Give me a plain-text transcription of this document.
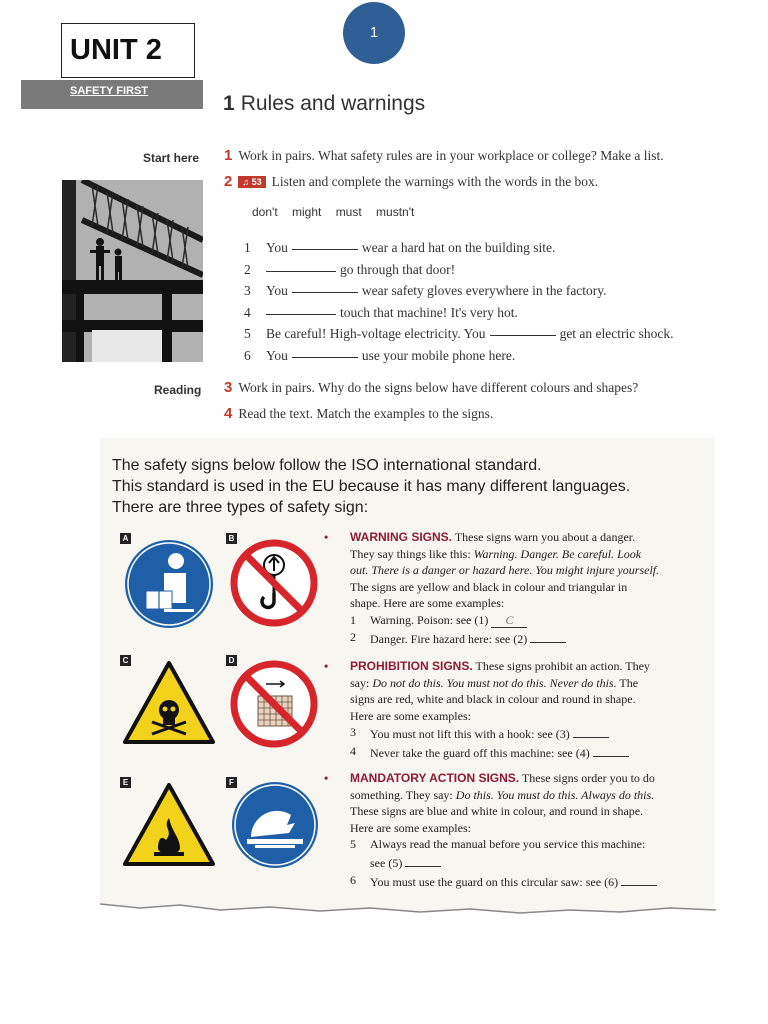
UNIT 2
1
SAFETY FIRST
1 Rules and warnings
Start here
Reading
1 Work in pairs. What safety rules are in your workplace or college? Make a list.
2 ♫ 53 Listen and complete the warnings with the words in the box.
don't might must mustn't
1 You	wear a hard hat on the building site.
2	go through that door!
3 You	wear safety gloves everywhere in the factory.
4	touch that machine! It's very hot.
5 Be careful! High-voltage electricity. You	get an electric shock.
6 You	use your mobile phone here.
3 Work in pairs. Why do the signs below have different colours and shapes?
4 Read the text. Match the examples to the signs.
The safety signs below follow the ISO international standard.
This standard is used in the EU because it has many different languages.
There are three types of safety sign:
A	B
C	D
E	F
•	WARNING SIGNS. These signs warn you about a danger.
They say things like this: Warning. Danger. Be careful. Look
out. There is a danger or hazard here. You might injure yourself.
The signs are yellow and black in colour and triangular in
shape. Here are some examples:
1 Warning. Poison: see (1) C
2 Danger. Fire hazard here: see (2)
•	PROHIBITION SIGNS. These signs prohibit an action. They
say: Do not do this. You must not do this. Never do this. The
signs are red, white and black in colour and round in shape.
Here are some examples:
3 You must not lift this with a hook: see (3)
4 Never take the guard off this machine: see (4)
•	MANDATORY ACTION SIGNS. These signs order you to do
something. They say: Do this. You must do this. Always do this.
These signs are blue and white in colour, and round in shape.
Here are some examples:
5 Always read the manual before you service this machine:
see (5)
6 You must use the guard on this circular saw: see (6)
